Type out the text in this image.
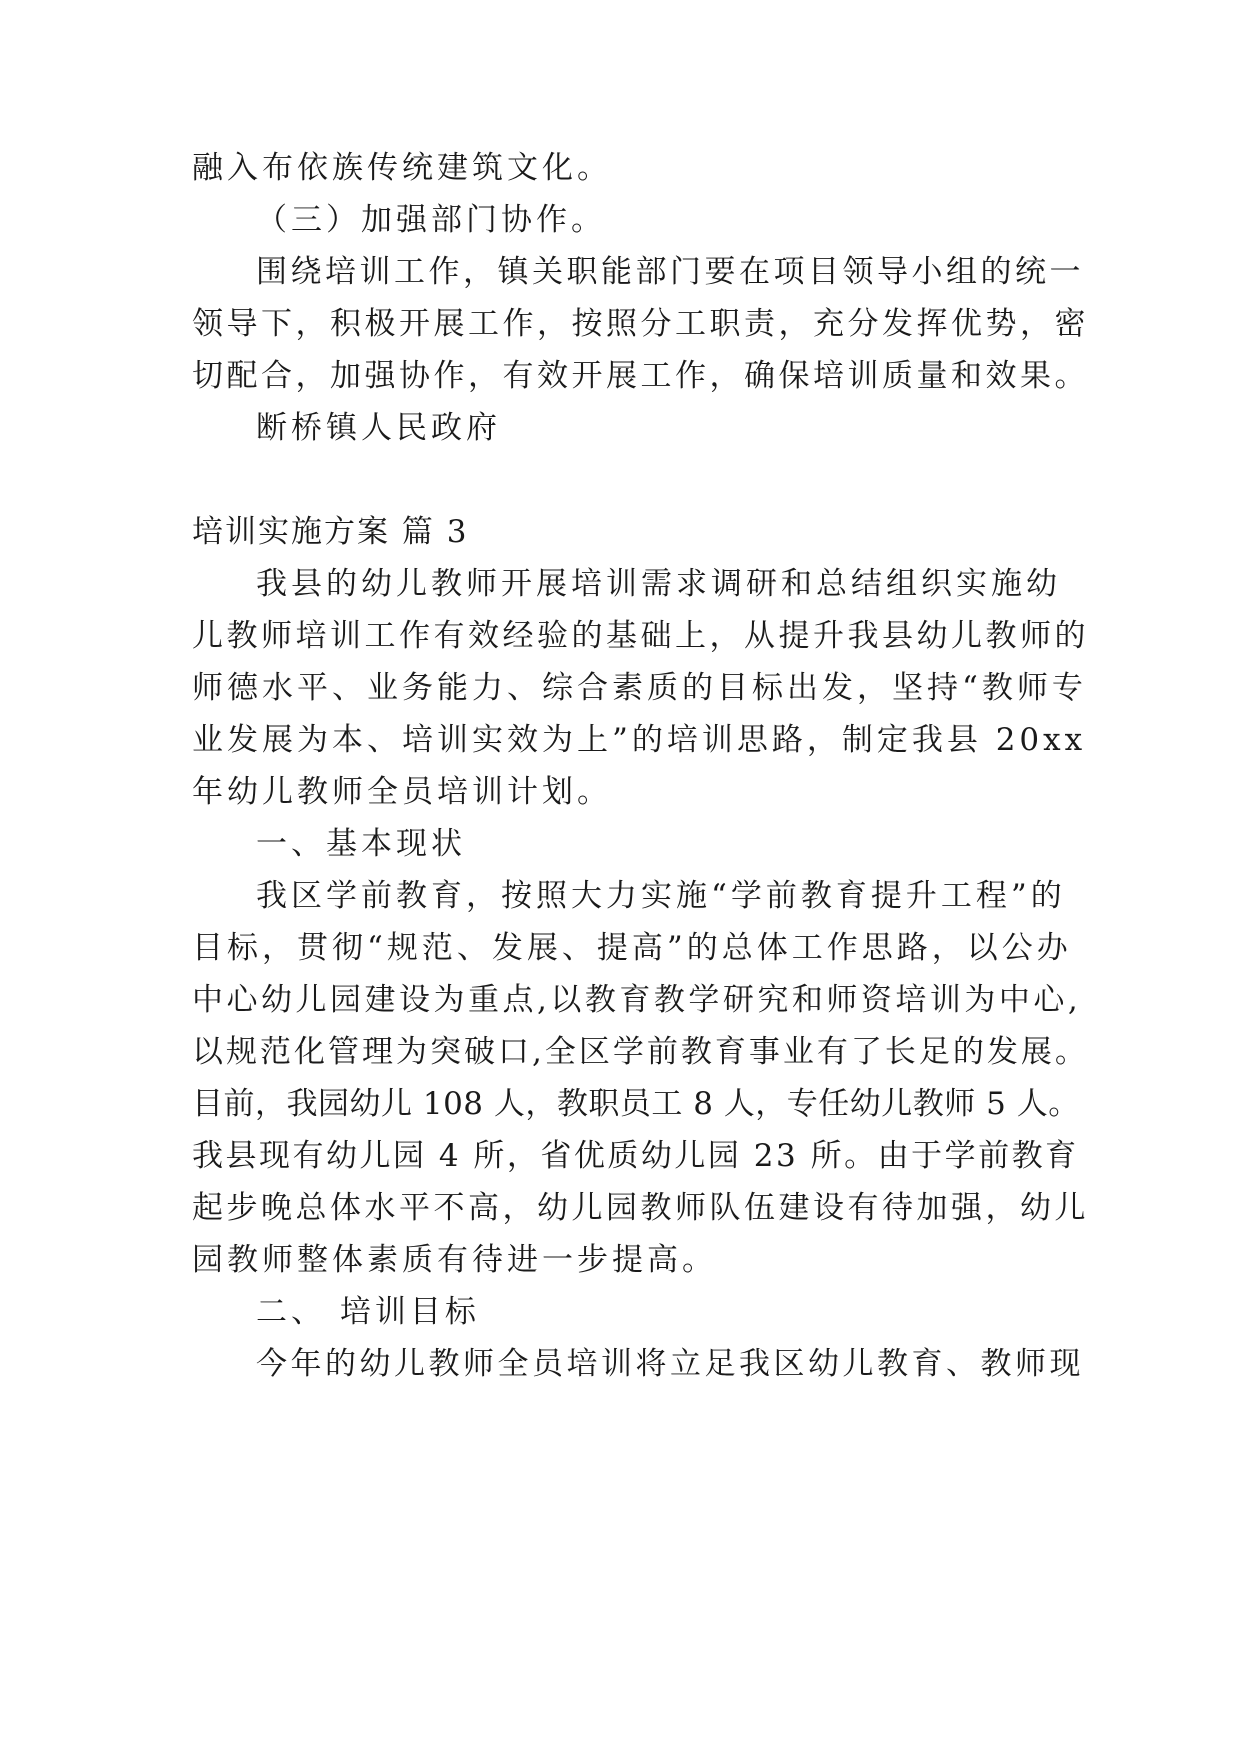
融入布依族传统建筑文化。
（三）加强部门协作。
围绕培训工作，镇关职能部门要在项目领导小组的统一
领导下，积极开展工作，按照分工职责，充分发挥优势，密
切配合，加强协作，有效开展工作，确保培训质量和效果。
断桥镇人民政府
培训实施方案 篇 3
我县的幼儿教师开展培训需求调研和总结组织实施幼
儿教师培训工作有效经验的基础上，从提升我县幼儿教师的
师德水平、业务能力、综合素质的目标出发，坚持“教师专
业发展为本、培训实效为上”的培训思路，制定我县 20xx
年幼儿教师全员培训计划。
一、基本现状
我区学前教育，按照大力实施“学前教育提升工程”的
目标，贯彻“规范、发展、提高”的总体工作思路，以公办
中心幼儿园建设为重点,以教育教学研究和师资培训为中心,
以规范化管理为突破口,全区学前教育事业有了长足的发展。
目前，我园幼儿 108 人，教职员工 8 人，专任幼儿教师 5 人。
我县现有幼儿园 4 所，省优质幼儿园 23 所。由于学前教育
起步晚总体水平不高，幼儿园教师队伍建设有待加强，幼儿
园教师整体素质有待进一步提高。
二、 培训目标
今年的幼儿教师全员培训将立足我区幼儿教育、教师现
